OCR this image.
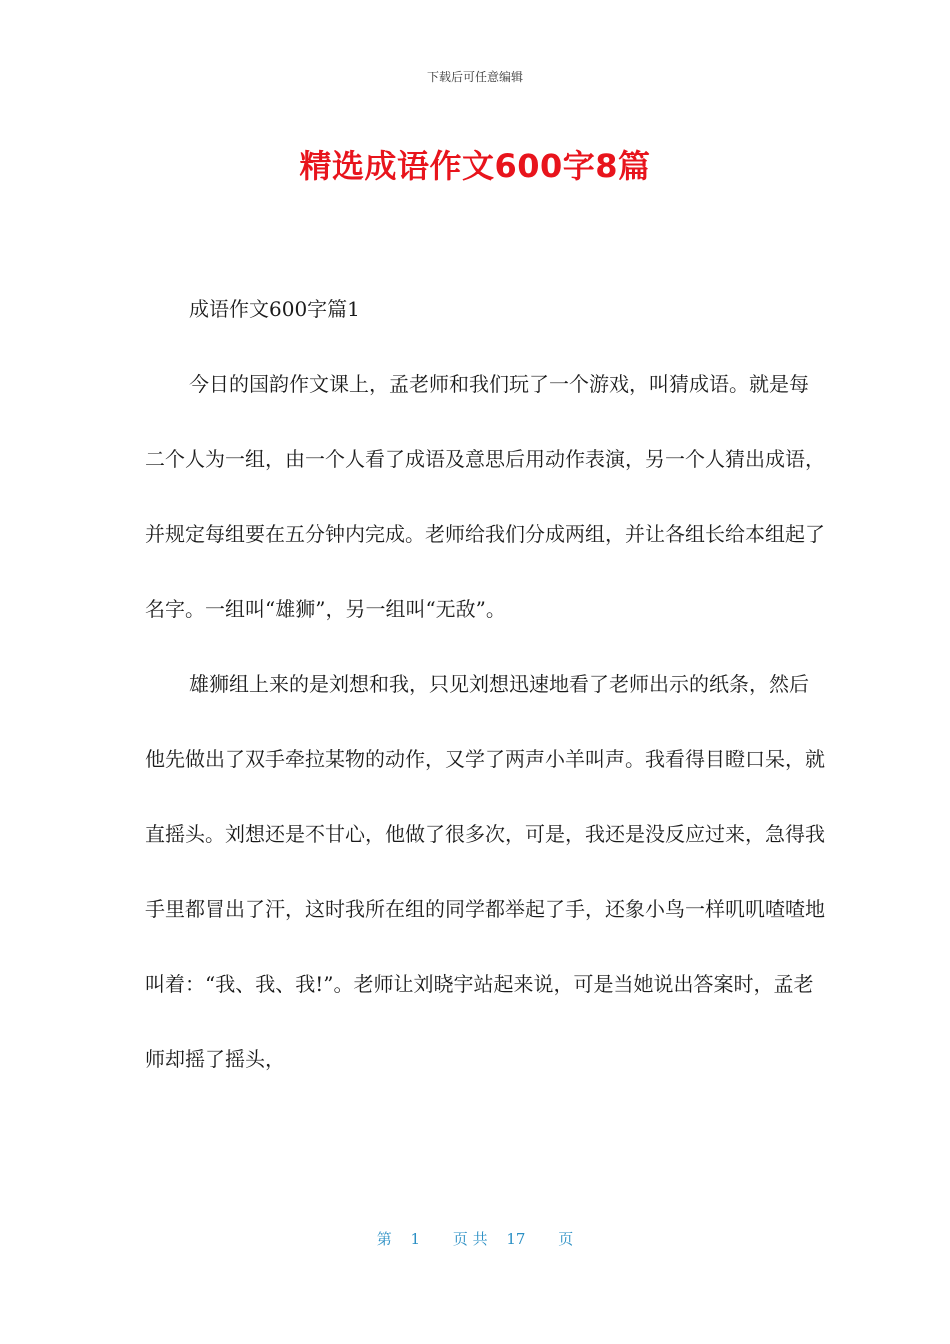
下载后可任意编辑
精选成语作文600字8篇

成语作文600字篇1

今日的国韵作文课上，孟老师和我们玩了一个游戏，叫猜成语。就是每二个人为一组，由一个人看了成语及意思后用动作表演，另一个人猜出成语，并规定每组要在五分钟内完成。老师给我们分成两组，并让各组长给本组起了名字。一组叫“雄狮”，另一组叫“无敌”。

雄狮组上来的是刘想和我，只见刘想迅速地看了老师出示的纸条，然后他先做出了双手牵拉某物的动作，又学了两声小羊叫声。我看得目瞪口呆，就直摇头。刘想还是不甘心，他做了很多次，可是，我还是没反应过来，急得我手里都冒出了汗，这时我所在组的同学都举起了手，还象小鸟一样叽叽喳喳地叫着：“我、我、我!”。老师让刘晓宇站起来说，可是当她说出答案时，孟老师却摇了摇头，

第 1 页 共 17 页
